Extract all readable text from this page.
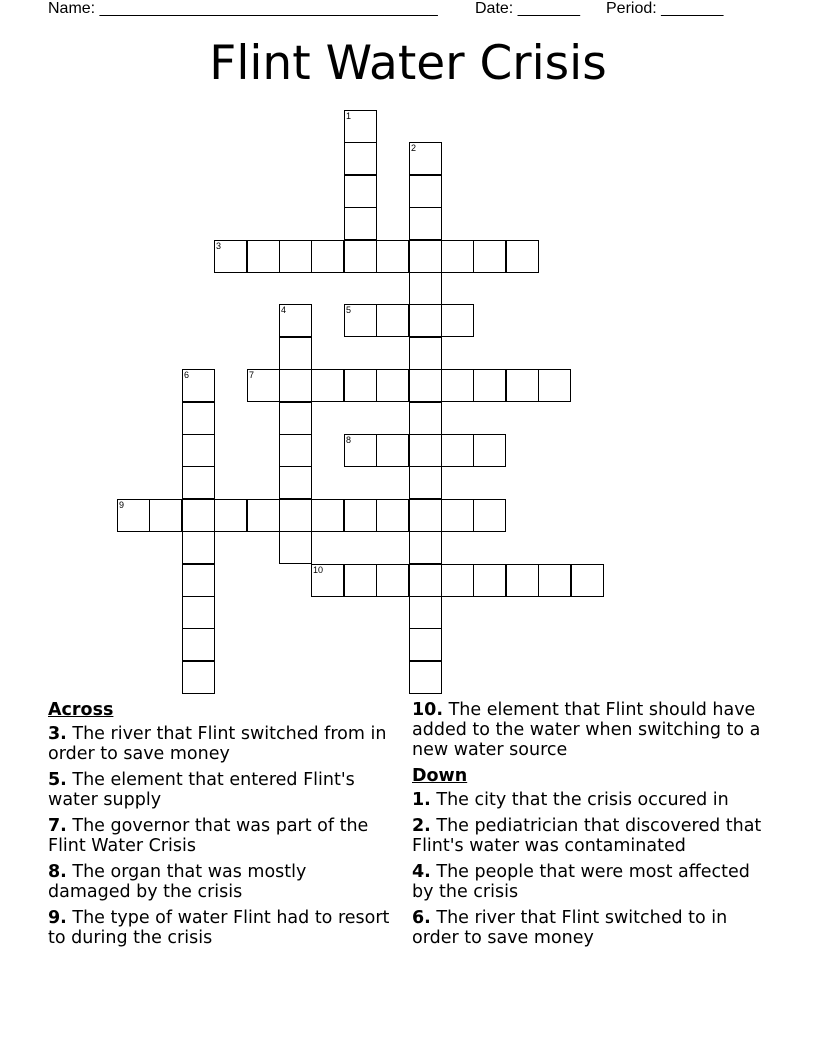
Name: ______________________________________ Date: _______ Period: _______
Flint Water Crisis
1
2
3
4	5
6	7
8
9
10
Across
3. The river that Flint switched from in order to save money
5. The element that entered Flint's water supply
7. The governor that was part of the Flint Water Crisis
8. The organ that was mostly damaged by the crisis
9. The type of water Flint had to resort to during the crisis
10. The element that Flint should have added to the water when switching to a new water source
Down
1. The city that the crisis occured in
2. The pediatrician that discovered that Flint's water was contaminated
4. The people that were most affected by the crisis
6. The river that Flint switched to in order to save money
